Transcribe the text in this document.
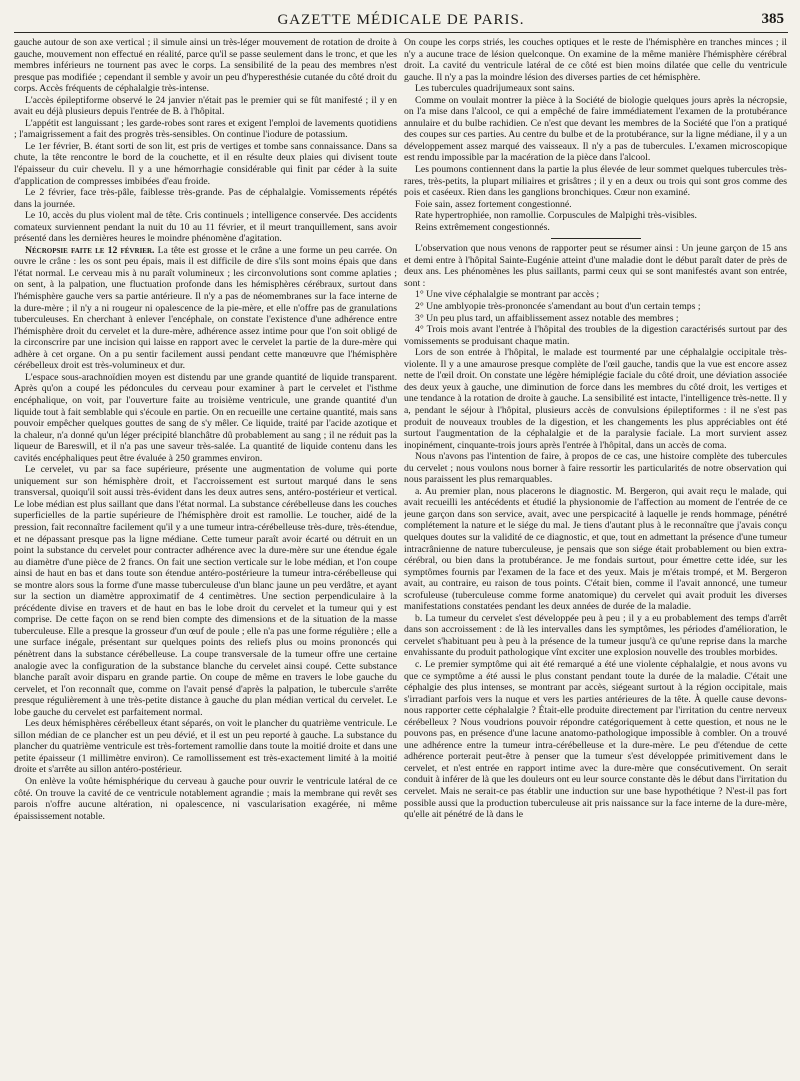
GAZETTE MÉDICALE DE PARIS.	385

gauche autour de son axe vertical ; il simule ainsi un très-léger mouvement de rotation de droite à gauche, mouvement non effectué en réalité, parce qu'il se passe seulement dans le tronc, et que les membres inférieurs ne tournent pas avec le corps. La sensibilité de la peau des membres n'est presque pas modifiée ; cependant il semble y avoir un peu d'hyperesthésie cutanée du côté droit du corps. Accès fréquents de céphalalgie très-intense.

L'accès épileptiforme observé le 24 janvier n'était pas le premier qui se fût manifesté ; il y en avait eu déjà plusieurs depuis l'entrée de B. à l'hôpital.

L'appétit est languissant ; les garde-robes sont rares et exigent l'emploi de lavements quotidiens ; l'amaigrissement a fait des progrès très-sensibles. On continue l'iodure de potassium.

Le 1er février, B. étant sorti de son lit, est pris de vertiges et tombe sans connaissance. Dans sa chute, la tête rencontre le bord de la couchette, et il en résulte deux plaies qui divisent toute l'épaisseur du cuir chevelu. Il y a une hémorrhagie considérable qui finit par céder à la suite d'application de compresses imbibées d'eau froide.

Le 2 février, face très-pâle, faiblesse très-grande. Pas de céphalalgie. Vomissements répétés dans la journée.

Le 10, accès du plus violent mal de tête. Cris continuels ; intelligence conservée. Des accidents comateux surviennent pendant la nuit du 10 au 11 février, et il meurt tranquillement, sans avoir présenté dans les dernières heures le moindre phénomène d'agitation.

Nécropsie faite le 12 février. La tête est grosse et le crâne a une forme un peu carrée. On ouvre le crâne : les os sont peu épais, mais il est difficile de dire s'ils sont moins épais que dans l'état normal. Le cerveau mis à nu paraît volumineux ; les circonvolutions sont comme aplaties ; on sent, à la palpation, une fluctuation profonde dans les hémisphères cérébraux, surtout dans l'hémisphère gauche vers sa partie antérieure. Il n'y a pas de néomembranes sur la face interne de la dure-mère ; il n'y a ni rougeur ni opalescence de la pie-mère, et elle n'offre pas de granulations tuberculeuses. En cherchant à enlever l'encéphale, on constate l'existence d'une adhérence entre l'hémisphère droit du cervelet et la dure-mère, adhérence assez intime pour que l'on soit obligé de la circonscrire par une incision qui laisse en rapport avec le cervelet la partie de la dure-mère qui adhère à cet organe. On a pu sentir facilement aussi pendant cette manœuvre que l'hémisphère cérébelleux droit est très-volumineux et dur.

L'espace sous-arachnoïdien moyen est distendu par une grande quantité de liquide transparent. Après qu'on a coupé les pédoncules du cerveau pour examiner à part le cervelet et l'isthme encéphalique, on voit, par l'ouverture faite au troisième ventricule, une grande quantité d'un liquide tout à fait semblable qui s'écoule en partie. On en recueille une certaine quantité, mais sans pouvoir empêcher quelques gouttes de sang de s'y mêler. Ce liquide, traité par l'acide azotique et la chaleur, n'a donné qu'un léger précipité blanchâtre dû probablement au sang ; il ne réduit pas la liqueur de Bareswill, et il n'a pas une saveur très-salée. La quantité de liquide contenu dans les cavités encéphaliques peut être évaluée à 250 grammes environ.

Le cervelet, vu par sa face supérieure, présente une augmentation de volume qui porte uniquement sur son hémisphère droit, et l'accroissement est surtout marqué dans le sens transversal, quoiqu'il soit aussi très-évident dans les deux autres sens, antéro-postérieur et vertical. Le lobe médian est plus saillant que dans l'état normal. La substance cérébelleuse dans les couches superficielles de la partie supérieure de l'hémisphère droit est ramollie. Le toucher, aidé de la pression, fait reconnaître facilement qu'il y a une tumeur intra-cérébelleuse très-dure, très-étendue, et ne dépassant presque pas la ligne médiane. Cette tumeur paraît avoir écarté ou détruit en un point la substance du cervelet pour contracter adhérence avec la dure-mère sur une étendue égale au diamètre d'une pièce de 2 francs. On fait une section verticale sur le lobe médian, et l'on coupe ainsi de haut en bas et dans toute son étendue antéro-postérieure la tumeur intra-cérébelleuse qui se montre alors sous la forme d'une masse tuberculeuse d'un blanc jaune un peu verdâtre, et ayant sur la section un diamètre approximatif de 4 centimètres. Une section perpendiculaire à la précédente divise en travers et de haut en bas le lobe droit du cervelet et la tumeur qui y est comprise. De cette façon on se rend bien compte des dimensions et de la situation de la masse tuberculeuse. Elle a presque la grosseur d'un œuf de poule ; elle n'a pas une forme régulière ; elle a une surface inégale, présentant sur quelques points des reliefs plus ou moins prononcés qui pénètrent dans la substance cérébelleuse. La coupe transversale de la tumeur offre une certaine analogie avec la configuration de la substance blanche du cervelet ainsi coupé. Cette substance blanche paraît avoir disparu en grande partie. On coupe de même en travers le lobe gauche du cervelet, et l'on reconnaît que, comme on l'avait pensé d'après la palpation, le tubercule s'arrête presque régulièrement à une très-petite distance à gauche du plan médian vertical du cervelet. Le lobe gauche du cervelet est parfaitement normal.

Les deux hémisphères cérébelleux étant séparés, on voit le plancher du quatrième ventricule. Le sillon médian de ce plancher est un peu dévié, et il est un peu reporté à gauche. La substance du plancher du quatrième ventricule est très-fortement ramollie dans toute la moitié droite et dans une petite épaisseur (1 millimètre environ). Ce ramollissement est très-exactement limité à la moitié droite et s'arrête au sillon antéro-postérieur.

On enlève la voûte hémisphérique du cerveau à gauche pour ouvrir le ventricule latéral de ce côté. On trouve la cavité de ce ventricule notablement agrandie ; mais la membrane qui revêt ses parois n'offre aucune altération, ni opalescence, ni vascularisation exagérée, ni même épaississement notable.

On coupe les corps striés, les couches optiques et le reste de l'hémisphère en tranches minces ; il n'y a aucune trace de lésion quelconque. On examine de la même manière l'hémisphère cérébral droit. La cavité du ventricule latéral de ce côté est bien moins dilatée que celle du ventricule gauche. Il n'y a pas la moindre lésion des diverses parties de cet hémisphère.

Les tubercules quadrijumeaux sont sains.

Comme on voulait montrer la pièce à la Société de biologie quelques jours après la nécropsie, on l'a mise dans l'alcool, ce qui a empêché de faire immédiatement l'examen de la protubérance annulaire et du bulbe rachidien. Ce n'est que devant les membres de la Société que l'on a pratiqué des coupes sur ces parties. Au centre du bulbe et de la protubérance, sur la ligne médiane, il y a un développement assez marqué des vaisseaux. Il n'y a pas de tubercules. L'examen microscopique est rendu impossible par la macération de la pièce dans l'alcool.

Les poumons contiennent dans la partie la plus élevée de leur sommet quelques tubercules très-rares, très-petits, la plupart miliaires et grisâtres ; il y en a deux ou trois qui sont gros comme des pois et caséeux. Rien dans les ganglions bronchiques. Cœur non examiné.

Foie sain, assez fortement congestionné.

Rate hypertrophiée, non ramollie. Corpuscules de Malpighi très-visibles.

Reins extrêmement congestionnés.

L'observation que nous venons de rapporter peut se résumer ainsi : Un jeune garçon de 15 ans et demi entre à l'hôpital Sainte-Eugénie atteint d'une maladie dont le début paraît dater de près de deux ans. Les phénomènes les plus saillants, parmi ceux qui se sont manifestés avant son entrée, sont :

1° Une vive céphalalgie se montrant par accès ;

2° Une amblyopie très-prononcée s'amendant au bout d'un certain temps ;

3° Un peu plus tard, un affaiblissement assez notable des membres ;

4° Trois mois avant l'entrée à l'hôpital des troubles de la digestion caractérisés surtout par des vomissements se produisant chaque matin.

Lors de son entrée à l'hôpital, le malade est tourmenté par une céphalalgie occipitale très-violente. Il y a une amaurose presque complète de l'œil gauche, tandis que la vue est encore assez nette de l'œil droit. On constate une légère hémiplégie faciale du côté droit, une déviation associée des deux yeux à gauche, une diminution de force dans les membres du côté droit, les vertiges et une tendance à la rotation de droite à gauche. La sensibilité est intacte, l'intelligence très-nette. Il y a, pendant le séjour à l'hôpital, plusieurs accès de convulsions épileptiformes : il ne s'est pas produit de nouveaux troubles de la digestion, et les changements les plus appréciables ont été surtout l'augmentation de la céphalalgie et de la paralysie faciale. La mort survient assez inopinément, cinquante-trois jours après l'entrée à l'hôpital, dans un accès de coma.

Nous n'avons pas l'intention de faire, à propos de ce cas, une histoire complète des tubercules du cervelet ; nous voulons nous borner à faire ressortir les particularités de notre observation qui nous paraissent les plus remarquables.

a. Au premier plan, nous placerons le diagnostic. M. Bergeron, qui avait reçu le malade, qui avait recueilli les antécédents et étudié la physionomie de l'affection au moment de l'entrée de ce jeune garçon dans son service, avait, avec une perspicacité à laquelle je rends hommage, pénétré complétement la nature et le siége du mal. Je tiens d'autant plus à le reconnaître que j'avais conçu quelques doutes sur la validité de ce diagnostic, et que, tout en admettant la présence d'une tumeur intracrânienne de nature tuberculeuse, je pensais que son siége était probablement ou bien extra-cérébral, ou bien dans la protubérance. Je me fondais surtout, pour émettre cette idée, sur les symptômes fournis par l'examen de la face et des yeux. Mais je m'étais trompé, et M. Bergeron avait, au contraire, eu raison de tous points. C'était bien, comme il l'avait annoncé, une tumeur scrofuleuse (tuberculeuse comme forme anatomique) du cervelet qui avait produit les diverses manifestations constatées pendant les deux années de durée de la maladie.

b. La tumeur du cervelet s'est développée peu à peu ; il y a eu probablement des temps d'arrêt dans son accroissement : de là les intervalles dans les symptômes, les périodes d'amélioration, le cervelet s'habituant peu à peu à la présence de la tumeur jusqu'à ce qu'une reprise dans la marche envahissante du produit pathologique vînt exciter une explosion nouvelle des troubles morbides.

c. Le premier symptôme qui ait été remarqué a été une violente céphalalgie, et nous avons vu que ce symptôme a été aussi le plus constant pendant toute la durée de la maladie. C'était une céphalgie des plus intenses, se montrant par accès, siégeant surtout à la région occipitale, mais s'irradiant parfois vers la nuque et vers les parties antérieures de la tête. À quelle cause devons-nous rapporter cette céphalalgie ? Était-elle produite directement par l'irritation du centre nerveux cérébelleux ? Nous voudrions pouvoir répondre catégoriquement à cette question, et nous ne le pouvons pas, en présence d'une lacune anatomo-pathologique impossible à combler. On a trouvé une adhérence entre la tumeur intra-cérébelleuse et la dure-mère. Le peu d'étendue de cette adhérence porterait peut-être à penser que la tumeur s'est développée primitivement dans le cervelet, et n'est entrée en rapport intime avec la dure-mère que consécutivement. On serait conduit à inférer de là que les douleurs ont eu leur source constante dès le début dans l'irritation du cervelet. Mais ne serait-ce pas établir une induction sur une base hypothétique ? N'est-il pas fort possible aussi que la production tuberculeuse ait pris naissance sur la face interne de la dure-mère, qu'elle ait pénétré de là dans le
